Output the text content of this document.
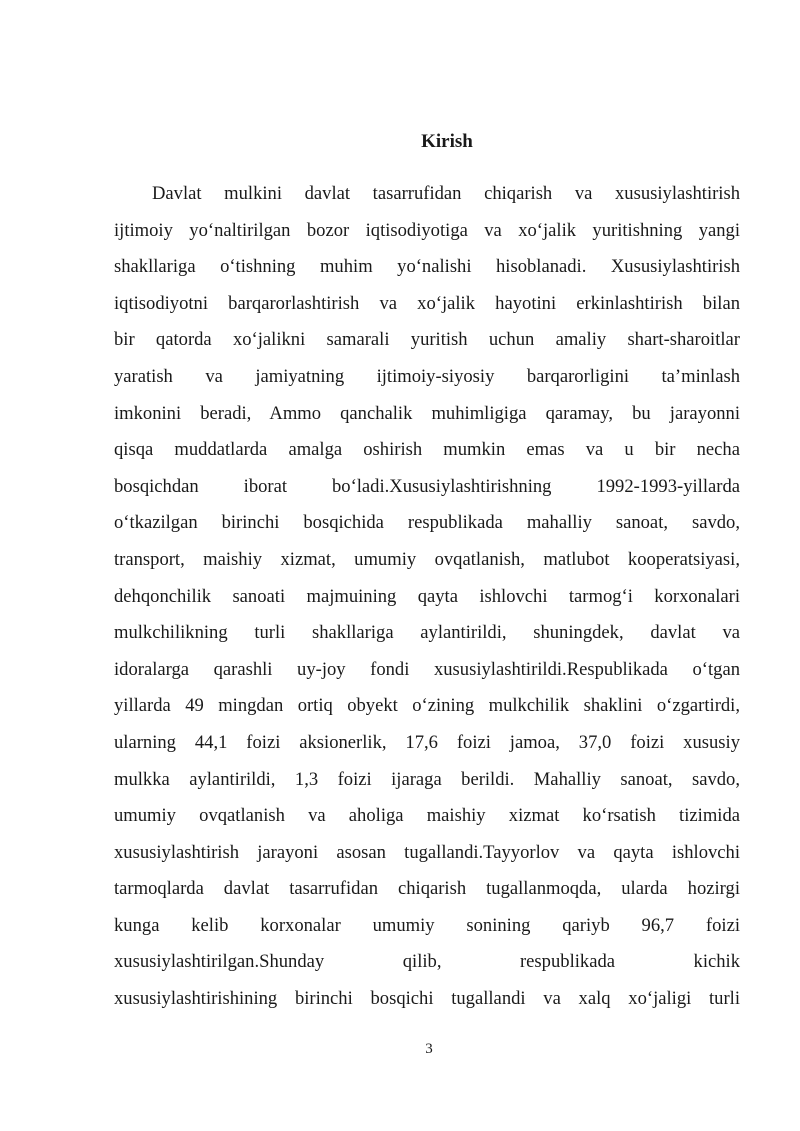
Kirish
Davlat mulkini davlat tasarrufidan chiqarish va xususiylashtirish
ijtimoiy yo‘naltirilgan bozor iqtisodiyotiga va xo‘jalik yuritishning yangi
shakllariga o‘tishning muhim yo‘nalishi hisoblanadi. Xususiylashtirish
iqtisodiyotni barqarorlashtirish va xo‘jalik hayotini erkinlashtirish bilan
bir qatorda xo‘jalikni samarali yuritish uchun amaliy shart-sharoitlar
yaratish va jamiyatning ijtimoiy-siyosiy barqarorligini ta’minlash
imkonini beradi, Ammo qanchalik muhimligiga qaramay, bu jarayonni
qisqa muddatlarda amalga oshirish mumkin emas va u bir necha
bosqichdan iborat bo‘ladi.Xususiylashtirishning 1992-1993-yillarda
o‘tkazilgan birinchi bosqichida respublikada mahalliy sanoat, savdo,
transport, maishiy xizmat, umumiy ovqatlanish, matlubot kooperatsiyasi,
dehqonchilik sanoati majmuining qayta ishlovchi tarmog‘i korxonalari
mulkchilikning turli shakllariga aylantirildi, shuningdek, davlat va
idoralarga qarashli uy-joy fondi xususiylashtirildi.Respublikada o‘tgan
yillarda 49 mingdan ortiq obyekt o‘zining mulkchilik shaklini o‘zgartirdi,
ularning 44,1 foizi aksionerlik, 17,6 foizi jamoa, 37,0 foizi xususiy
mulkka aylantirildi, 1,3 foizi ijaraga berildi. Mahalliy sanoat, savdo,
umumiy ovqatlanish va aholiga maishiy xizmat ko‘rsatish tizimida
xususiylashtirish jarayoni asosan tugallandi.Tayyorlov va qayta ishlovchi
tarmoqlarda davlat tasarrufidan chiqarish tugallanmoqda, ularda hozirgi
kunga kelib korxonalar umumiy sonining qariyb 96,7 foizi
xususiylashtirilgan.Shunday qilib, respublikada kichik
xususiylashtirishining birinchi bosqichi tugallandi va xalq xo‘jaligi turli
3
